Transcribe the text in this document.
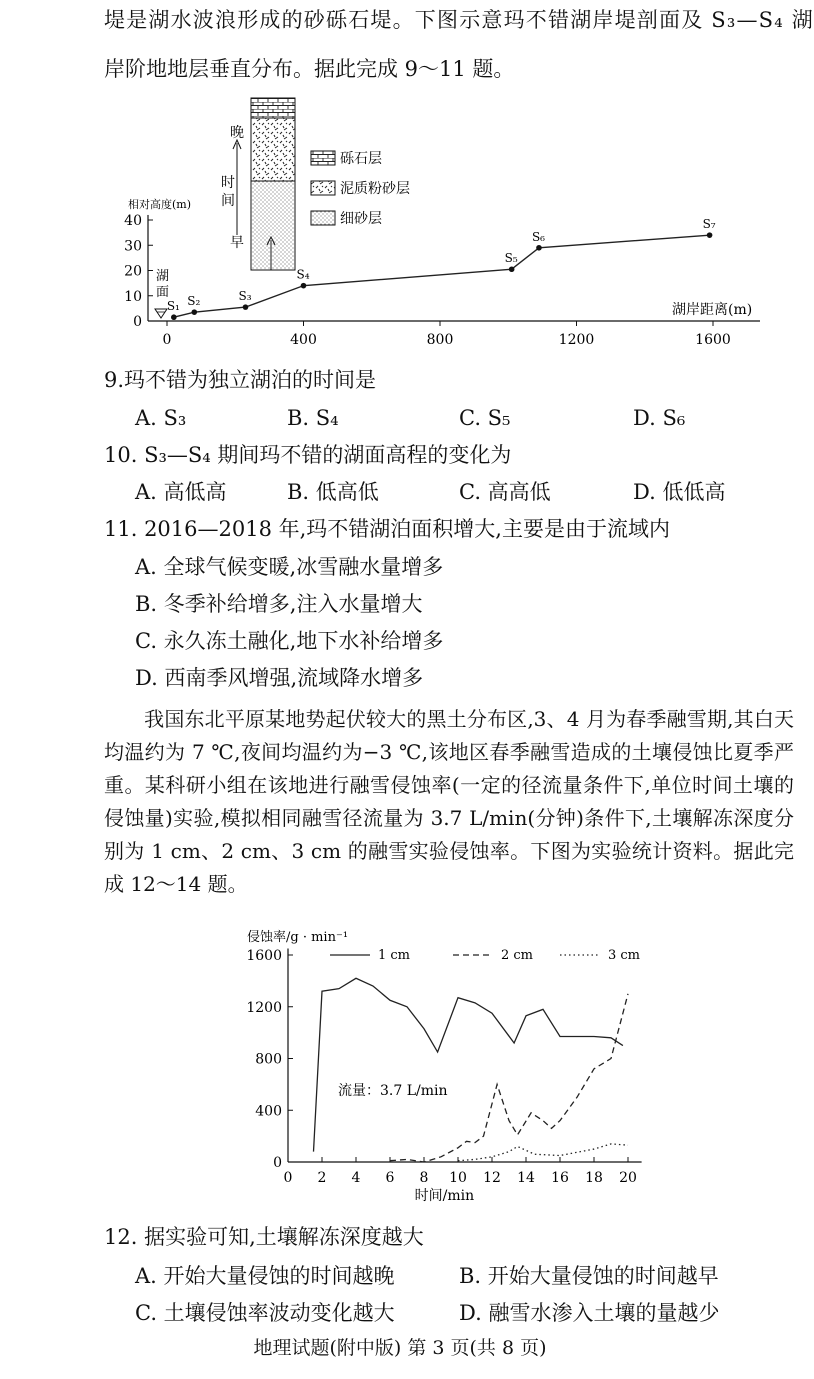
堤是湖水波浪形成的砂砾石堤。下图示意玛不错湖岸堤剖面及 S₃—S₄ 湖
岸阶地地层垂直分布。据此完成 9～11 题。
相对高度(m)
0
10
20
30
40
0	400	800	1200	1600
湖岸距离(m)
湖
面
S₁ S₂	S₃
S₄
S₅
S₆
S₇
晚
时
间
早
砾石层
泥质粉砂层
细砂层
9.玛不错为独立湖泊的时间是
A. S₃	B. S₄	C. S₅	D. S₆
10. S₃—S₄ 期间玛不错的湖面高程的变化为
A. 高低高	B. 低高低	C. 高高低	D. 低低高
11. 2016—2018 年,玛不错湖泊面积增大,主要是由于流域内
A. 全球气候变暖,冰雪融水量增多
B. 冬季补给增多,注入水量增大
C. 永久冻土融化,地下水补给增多
D. 西南季风增强,流域降水增多
我国东北平原某地势起伏较大的黑土分布区,3、4 月为春季融雪期,其白天均温约为 7 ℃,夜间均温约为−3 ℃,该地区春季融雪造成的土壤侵蚀比夏季严重。某科研小组在该地进行融雪侵蚀率(一定的径流量条件下,单位时间土壤的侵蚀量)实验,模拟相同融雪径流量为 3.7 L/min(分钟)条件下,土壤解冻深度分别为 1 cm、2 cm、3 cm 的融雪实验侵蚀率。下图为实验统计资料。据此完成 12～14 题。
侵蚀率/g · min⁻¹
0
400
800
1200
1600
0 2 4 6 8 10 12 14 16 18 20
时间/min
流量：3.7 L/min
1 cm	2 cm	3 cm
12. 据实验可知,土壤解冻深度越大
A. 开始大量侵蚀的时间越晚	B. 开始大量侵蚀的时间越早
C. 土壤侵蚀率波动变化越大	D. 融雪水渗入土壤的量越少
地理试题(附中版) 第 3 页(共 8 页)
